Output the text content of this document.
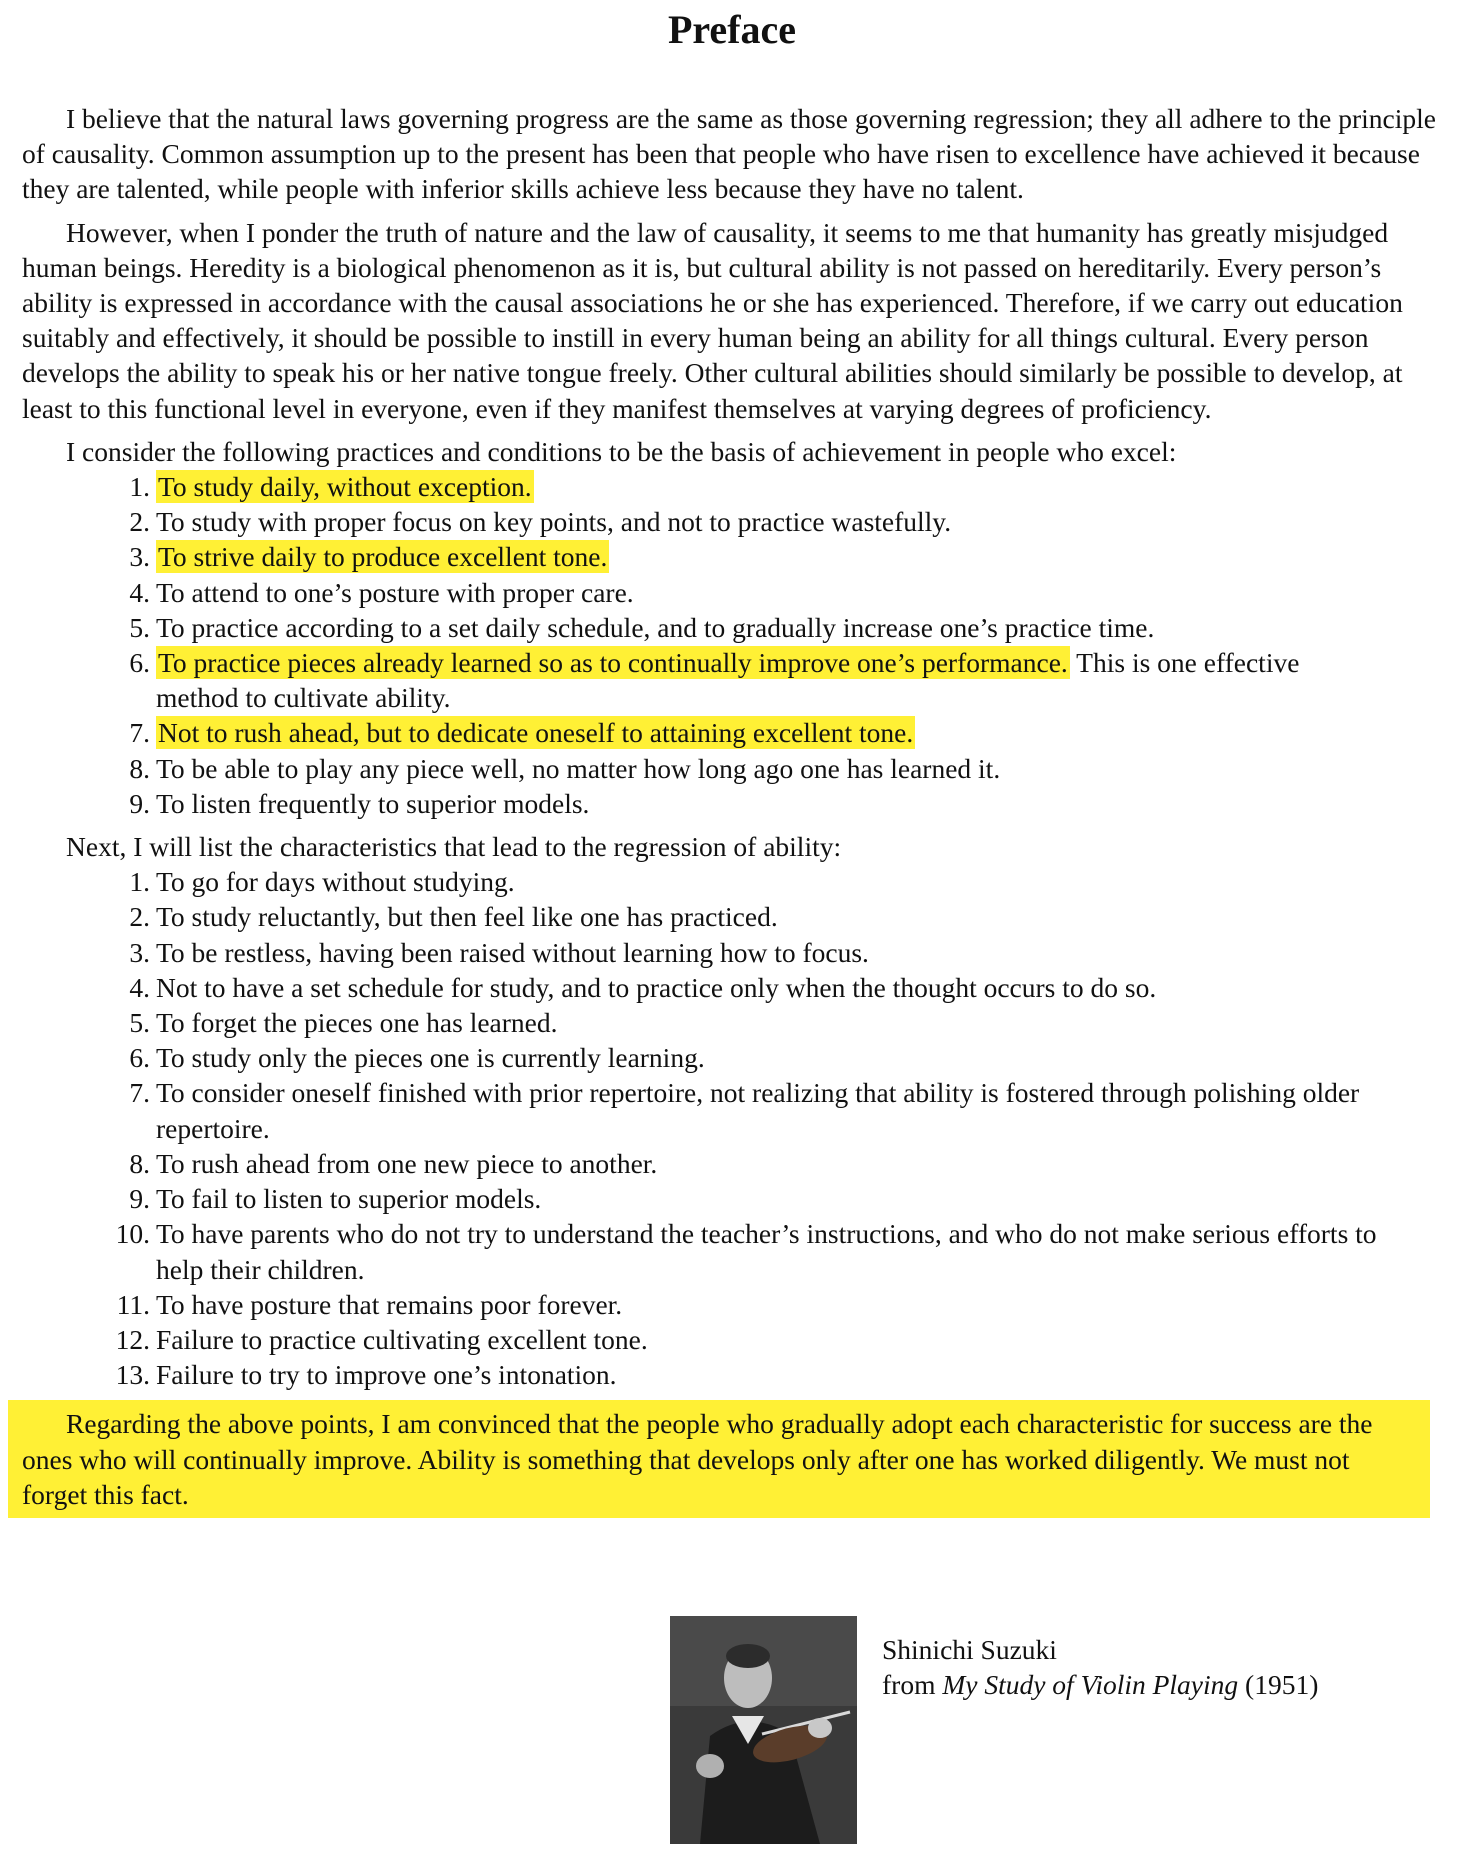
Preface

I believe that the natural laws governing progress are the same as those governing regression; they all adhere to the principle of causality. Common assumption up to the present has been that people who have risen to excellence have achieved it because they are talented, while people with inferior skills achieve less because they have no talent.

However, when I ponder the truth of nature and the law of causality, it seems to me that humanity has greatly misjudged human beings. Heredity is a biological phenomenon as it is, but cultural ability is not passed on hereditarily. Every person’s ability is expressed in accordance with the causal associations he or she has experienced. Therefore, if we carry out education suitably and effectively, it should be possible to instill in every human being an ability for all things cultural. Every person develops the ability to speak his or her native tongue freely. Other cultural abilities should similarly be possible to develop, at least to this functional level in everyone, even if they manifest themselves at varying degrees of proficiency.

I consider the following practices and conditions to be the basis of achievement in people who excel:

1. To study daily, without exception.
2. To study with proper focus on key points, and not to practice wastefully.
3. To strive daily to produce excellent tone.
4. To attend to one’s posture with proper care.
5. To practice according to a set daily schedule, and to gradually increase one’s practice time.
6. To practice pieces already learned so as to continually improve one’s performance. This is one effective method to cultivate ability.
7. Not to rush ahead, but to dedicate oneself to attaining excellent tone.
8. To be able to play any piece well, no matter how long ago one has learned it.
9. To listen frequently to superior models.

Next, I will list the characteristics that lead to the regression of ability:

1. To go for days without studying.
2. To study reluctantly, but then feel like one has practiced.
3. To be restless, having been raised without learning how to focus.
4. Not to have a set schedule for study, and to practice only when the thought occurs to do so.
5. To forget the pieces one has learned.
6. To study only the pieces one is currently learning.
7. To consider oneself finished with prior repertoire, not realizing that ability is fostered through polishing older repertoire.
8. To rush ahead from one new piece to another.
9. To fail to listen to superior models.
10. To have parents who do not try to understand the teacher’s instructions, and who do not make serious efforts to help their children.
11. To have posture that remains poor forever.
12. Failure to practice cultivating excellent tone.
13. Failure to try to improve one’s intonation.

Regarding the above points, I am convinced that the people who gradually adopt each characteristic for success are the ones who will continually improve. Ability is something that develops only after one has worked diligently. We must not forget this fact.

Shinichi Suzuki
from My Study of Violin Playing (1951)
